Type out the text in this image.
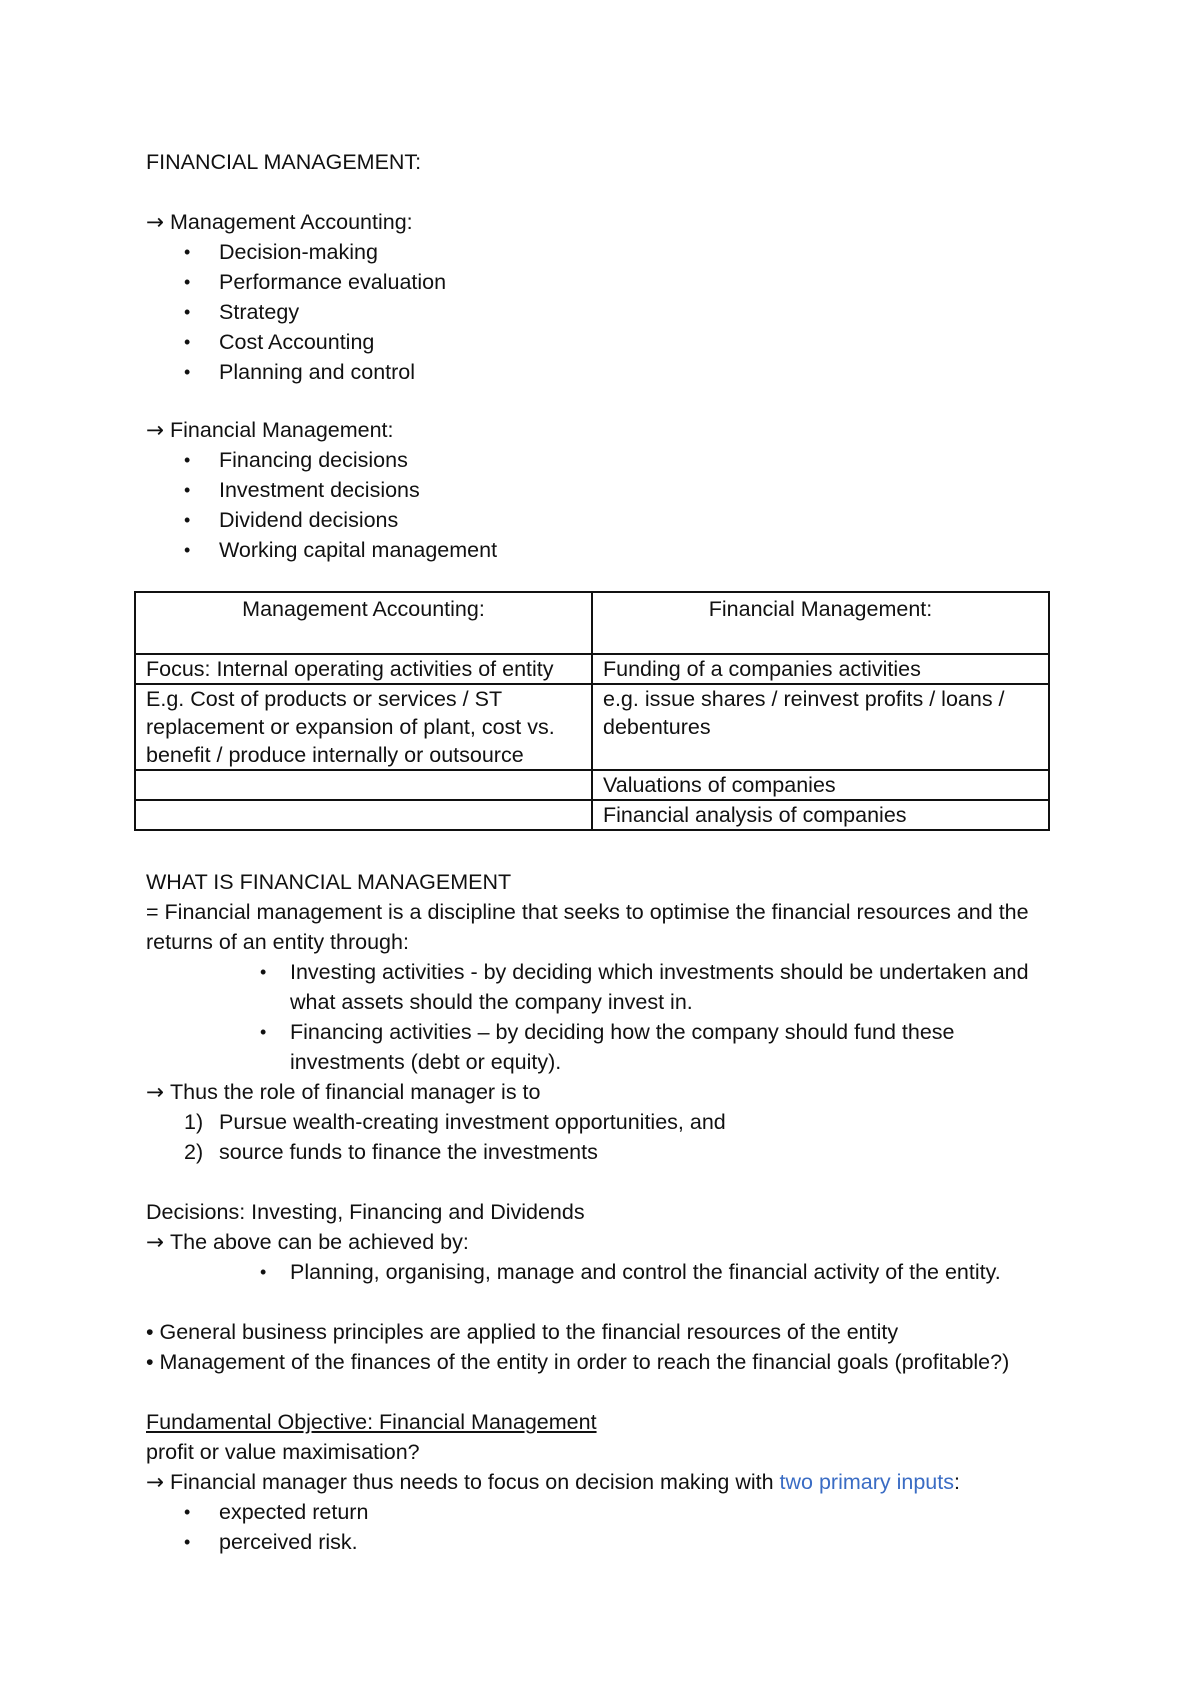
FINANCIAL MANAGEMENT:
→ Management Accounting:
• Decision-making
• Performance evaluation
• Strategy
• Cost Accounting
• Planning and control
→ Financial Management:
• Financing decisions
• Investment decisions
• Dividend decisions
• Working capital management
Management Accounting:	Financial Management:
Focus: Internal operating activities of entity	Funding of a companies activities
E.g. Cost of products or services / ST replacement or expansion of plant, cost vs. benefit / produce internally or outsource	e.g. issue shares / reinvest profits / loans / debentures
	Valuations of companies
	Financial analysis of companies
WHAT IS FINANCIAL MANAGEMENT
= Financial management is a discipline that seeks to optimise the financial resources and the
returns of an entity through:
• Investing activities - by deciding which investments should be undertaken and
what assets should the company invest in.
• Financing activities – by deciding how the company should fund these
investments (debt or equity).
→ Thus the role of financial manager is to
1) Pursue wealth-creating investment opportunities, and
2) source funds to finance the investments
Decisions: Investing, Financing and Dividends
→ The above can be achieved by:
• Planning, organising, manage and control the financial activity of the entity.
• General business principles are applied to the financial resources of the entity
• Management of the finances of the entity in order to reach the financial goals (profitable?)
Fundamental Objective: Financial Management
profit or value maximisation?
→ Financial manager thus needs to focus on decision making with two primary inputs:
• expected return
• perceived risk.
